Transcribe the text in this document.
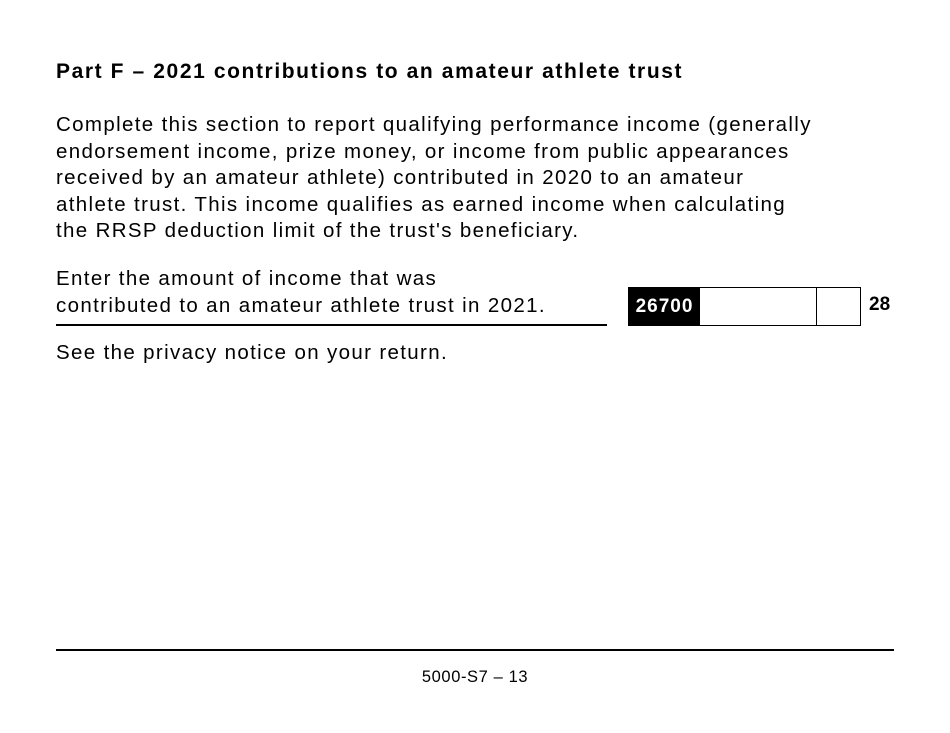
Part F – 2021 contributions to an amateur athlete trust
Complete this section to report qualifying performance income (generally
endorsement income, prize money, or income from public appearances
received by an amateur athlete) contributed in 2020 to an amateur
athlete trust. This income qualifies as earned income when calculating
the RRSP deduction limit of the trust's beneficiary.
Enter the amount of income that was
contributed to an amateur athlete trust in 2021.	26700	28

See the privacy notice on your return.

5000-S7 – 13
